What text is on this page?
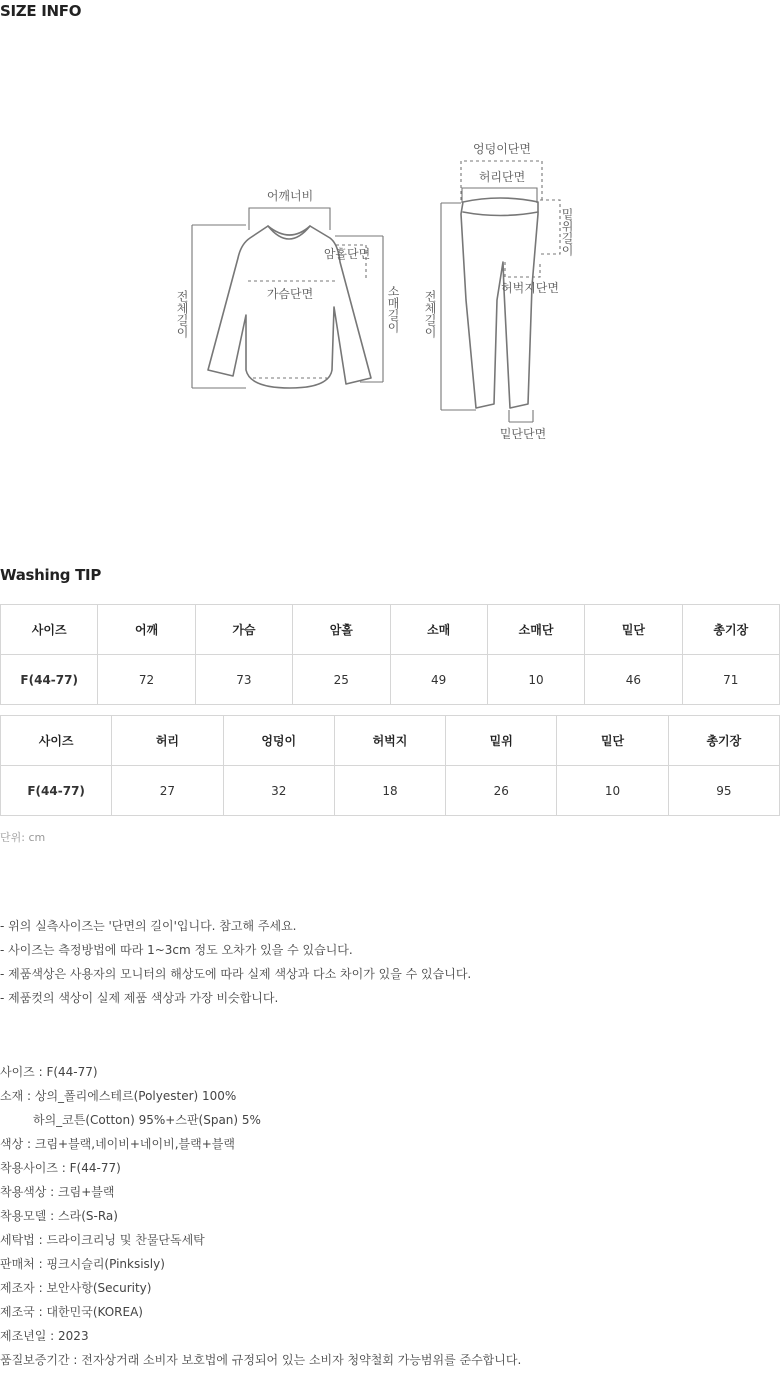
SIZE INFO
어깨너비
암홀단면
가슴단면
전체길이	소매길이
엉덩이단면
허리단면
밑위길이
허벅지단면
전체길이
밑단단면
Washing TIP
사이즈	어깨	가슴	암홀	소매	소매단	밑단	총기장
F(44-77)	72	73	25	49	10	46	71
사이즈	허리	엉덩이	허벅지	밑위	밑단	총기장
F(44-77)	27	32	18	26	10	95
단위: cm
- 위의 실측사이즈는 '단면의 길이'입니다. 참고해 주세요.
- 사이즈는 측정방법에 따라 1~3cm 정도 오차가 있을 수 있습니다.
- 제품색상은 사용자의 모니터의 해상도에 따라 실제 색상과 다소 차이가 있을 수 있습니다.
- 제품컷의 색상이 실제 제품 색상과 가장 비슷합니다.
사이즈 : F(44-77)
소재 : 상의_폴리에스테르(Polyester) 100%
하의_코튼(Cotton) 95%+스판(Span) 5%
색상 : 크림+블랙,네이비+네이비,블랙+블랙
착용사이즈 : F(44-77)
착용색상 : 크림+블랙
착용모델 : 스라(S-Ra)
세탁법 : 드라이크리닝 및 찬물단독세탁
판매처 : 핑크시슬리(Pinksisly)
제조자 : 보안사항(Security)
제조국 : 대한민국(KOREA)
제조년일 : 2023
품질보증기간 : 전자상거래 소비자 보호법에 규정되어 있는 소비자 청약철회 가능범위를 준수합니다.
